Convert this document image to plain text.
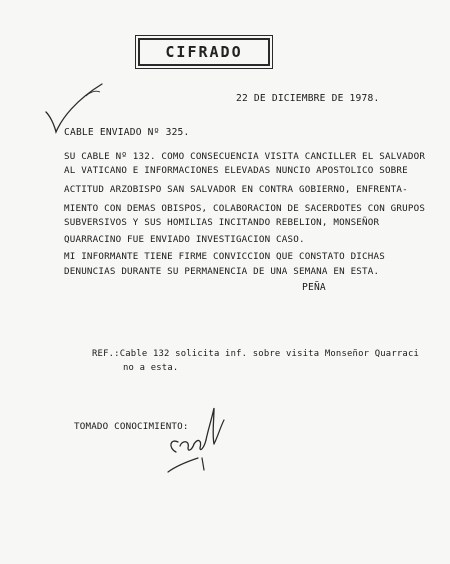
CIFRADO
22 DE DICIEMBRE DE 1978.
CABLE ENVIADO Nº 325.
SU CABLE Nº 132. COMO CONSECUENCIA VISITA CANCILLER EL SALVADOR
AL VATICANO E INFORMACIONES ELEVADAS NUNCIO APOSTOLICO SOBRE
ACTITUD ARZOBISPO SAN SALVADOR EN CONTRA GOBIERNO, ENFRENTA-
MIENTO CON DEMAS OBISPOS, COLABORACION DE SACERDOTES CON GRUPOS
SUBVERSIVOS Y SUS HOMILIAS INCITANDO REBELION, MONSEÑOR
QUARRACINO FUE ENVIADO INVESTIGACION CASO.
MI INFORMANTE TIENE FIRME CONVICCION QUE CONSTATO DICHAS
DENUNCIAS DURANTE SU PERMANENCIA DE UNA SEMANA EN ESTA.
PEÑA
REF.:Cable 132 solicita inf. sobre visita Monseñor Quarraci
no a esta.
TOMADO CONOCIMIENTO:
